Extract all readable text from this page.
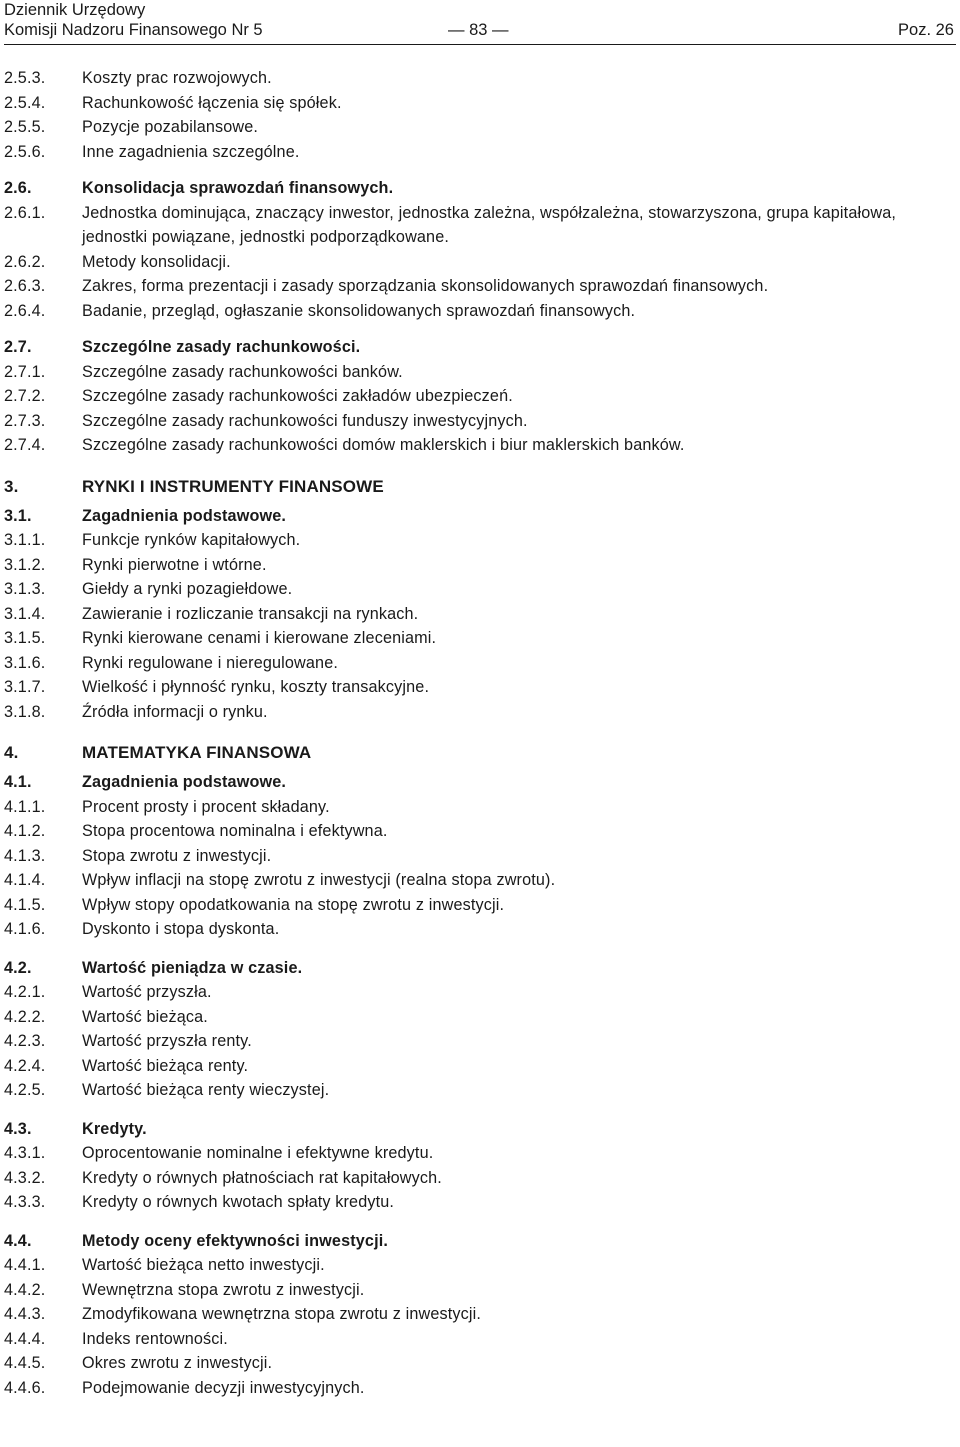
Dziennik Urzędowy
Komisji Nadzoru Finansowego Nr 5	— 83 —	Poz. 26
2.5.3.	Koszty prac rozwojowych.
2.5.4.	Rachunkowość łączenia się spółek.
2.5.5.	Pozycje pozabilansowe.
2.5.6.	Inne zagadnienia szczególne.
2.6.	Konsolidacja sprawozdań finansowych.
2.6.1.	Jednostka dominująca, znaczący inwestor, jednostka zależna, współzależna, stowarzyszona, grupa kapitałowa, jednostki powiązane, jednostki podporządkowane.
2.6.2.	Metody konsolidacji.
2.6.3.	Zakres, forma prezentacji i zasady sporządzania skonsolidowanych sprawozdań finansowych.
2.6.4.	Badanie, przegląd, ogłaszanie skonsolidowanych sprawozdań finansowych.
2.7.	Szczególne zasady rachunkowości.
2.7.1.	Szczególne zasady rachunkowości banków.
2.7.2.	Szczególne zasady rachunkowości zakładów ubezpieczeń.
2.7.3.	Szczególne zasady rachunkowości funduszy inwestycyjnych.
2.7.4.	Szczególne zasady rachunkowości domów maklerskich i biur maklerskich banków.
3.	RYNKI I INSTRUMENTY FINANSOWE
3.1.	Zagadnienia podstawowe.
3.1.1.	Funkcje rynków kapitałowych.
3.1.2.	Rynki pierwotne i wtórne.
3.1.3.	Giełdy a rynki pozagiełdowe.
3.1.4.	Zawieranie i rozliczanie transakcji na rynkach.
3.1.5.	Rynki kierowane cenami i kierowane zleceniami.
3.1.6.	Rynki regulowane i nieregulowane.
3.1.7.	Wielkość i płynność rynku, koszty transakcyjne.
3.1.8.	Źródła informacji o rynku.
4.	MATEMATYKA FINANSOWA
4.1.	Zagadnienia podstawowe.
4.1.1.	Procent prosty i procent składany.
4.1.2.	Stopa procentowa nominalna i efektywna.
4.1.3.	Stopa zwrotu z inwestycji.
4.1.4.	Wpływ inflacji na stopę zwrotu z inwestycji (realna stopa zwrotu).
4.1.5.	Wpływ stopy opodatkowania na stopę zwrotu z inwestycji.
4.1.6.	Dyskonto i stopa dyskonta.
4.2.	Wartość pieniądza w czasie.
4.2.1.	Wartość przyszła.
4.2.2.	Wartość bieżąca.
4.2.3.	Wartość przyszła renty.
4.2.4.	Wartość bieżąca renty.
4.2.5.	Wartość bieżąca renty wieczystej.
4.3.	Kredyty.
4.3.1.	Oprocentowanie nominalne i efektywne kredytu.
4.3.2.	Kredyty o równych płatnościach rat kapitałowych.
4.3.3.	Kredyty o równych kwotach spłaty kredytu.
4.4.	Metody oceny efektywności inwestycji.
4.4.1.	Wartość bieżąca netto inwestycji.
4.4.2.	Wewnętrzna stopa zwrotu z inwestycji.
4.4.3.	Zmodyfikowana wewnętrzna stopa zwrotu z inwestycji.
4.4.4.	Indeks rentowności.
4.4.5.	Okres zwrotu z inwestycji.
4.4.6.	Podejmowanie decyzji inwestycyjnych.
